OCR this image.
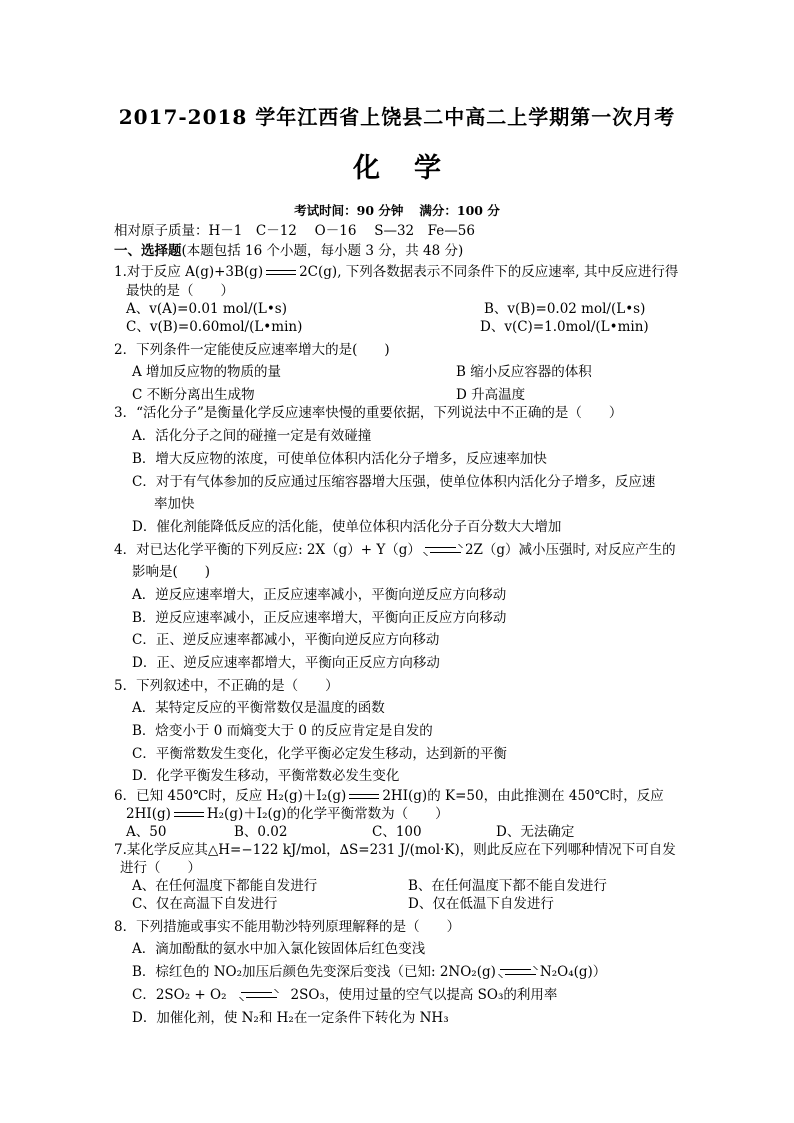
2017-2018 学年江西省上饶县二中高二上学期第一次月考
化学
考试时间：90 分钟 满分：100 分
相对原子质量：H－1　C－12　 O－16　 S—32　Fe—56
一、选择题(本题包括 16 个小题，每小题 3 分，共 48 分)
1.对于反应 A(g)+3B(g)	2C(g), 下列各数据表示不同条件下的反应速率, 其中反应进行得
最快的是（　　）
A、v(A)=0.01 mol/(L•s)	B、v(B)=0.02 mol/(L•s)
C、v(B)=0.60mol/(L•min)	D、v(C)=1.0mol/(L•min)
2．下列条件一定能使反应速率增大的是(　　)
A 增加反应物的物质的量	B 缩小反应容器的体积
C 不断分离出生成物	D 升高温度
3．“活化分子”是衡量化学反应速率快慢的重要依据，下列说法中不正确的是（　　）
A．活化分子之间的碰撞一定是有效碰撞
B．增大反应物的浓度，可使单位体积内活化分子增多，反应速率加快
C．对于有气体参加的反应通过压缩容器增大压强，使单位体积内活化分子增多，反应速
率加快
D．催化剂能降低反应的活化能，使单位体积内活化分子百分数大大增加
4．对已达化学平衡的下列反应: 2X（g）+ Y（g）	2Z（g）减小压强时, 对反应产生的
影响是(　　)
A．逆反应速率增大，正反应速率减小，平衡向逆反应方向移动
B．逆反应速率减小，正反应速率增大，平衡向正反应方向移动
C．正、逆反应速率都减小，平衡向逆反应方向移动
D．正、逆反应速率都增大，平衡向正反应方向移动
5．下列叙述中，不正确的是（　　）
A．某特定反应的平衡常数仅是温度的函数
B．焓变小于 0 而熵变大于 0 的反应肯定是自发的
C．平衡常数发生变化，化学平衡必定发生移动，达到新的平衡
D．化学平衡发生移动，平衡常数必发生变化
6．已知 450℃时，反应 H₂(g)＋I₂(g)	2HI(g)的 K=50，由此推测在 450℃时，反应
2HI(g)	H₂(g)＋I₂(g)的化学平衡常数为（　　）
A、50	B、0.02	C、100	D、无法确定
7.某化学反应其△H=−122 kJ/mol，∆S=231 J/(mol·K)，则此反应在下列哪种情况下可自发
进行（　　）
A、在任何温度下都能自发进行	B、在任何温度下都不能自发进行
C、仅在高温下自发进行	D、仅在低温下自发进行
8．下列措施或事实不能用勒沙特列原理解释的是（　　）
A．滴加酚酞的氨水中加入氯化铵固体后红色变浅
B．棕红色的 NO₂加压后颜色先变深后变浅（已知: 2NO₂(g)	N₂O₄(g)）
C．2SO₂ + O₂	2SO₃，使用过量的空气以提高 SO₃的利用率
D．加催化剂，使 N₂和 H₂在一定条件下转化为 NH₃
